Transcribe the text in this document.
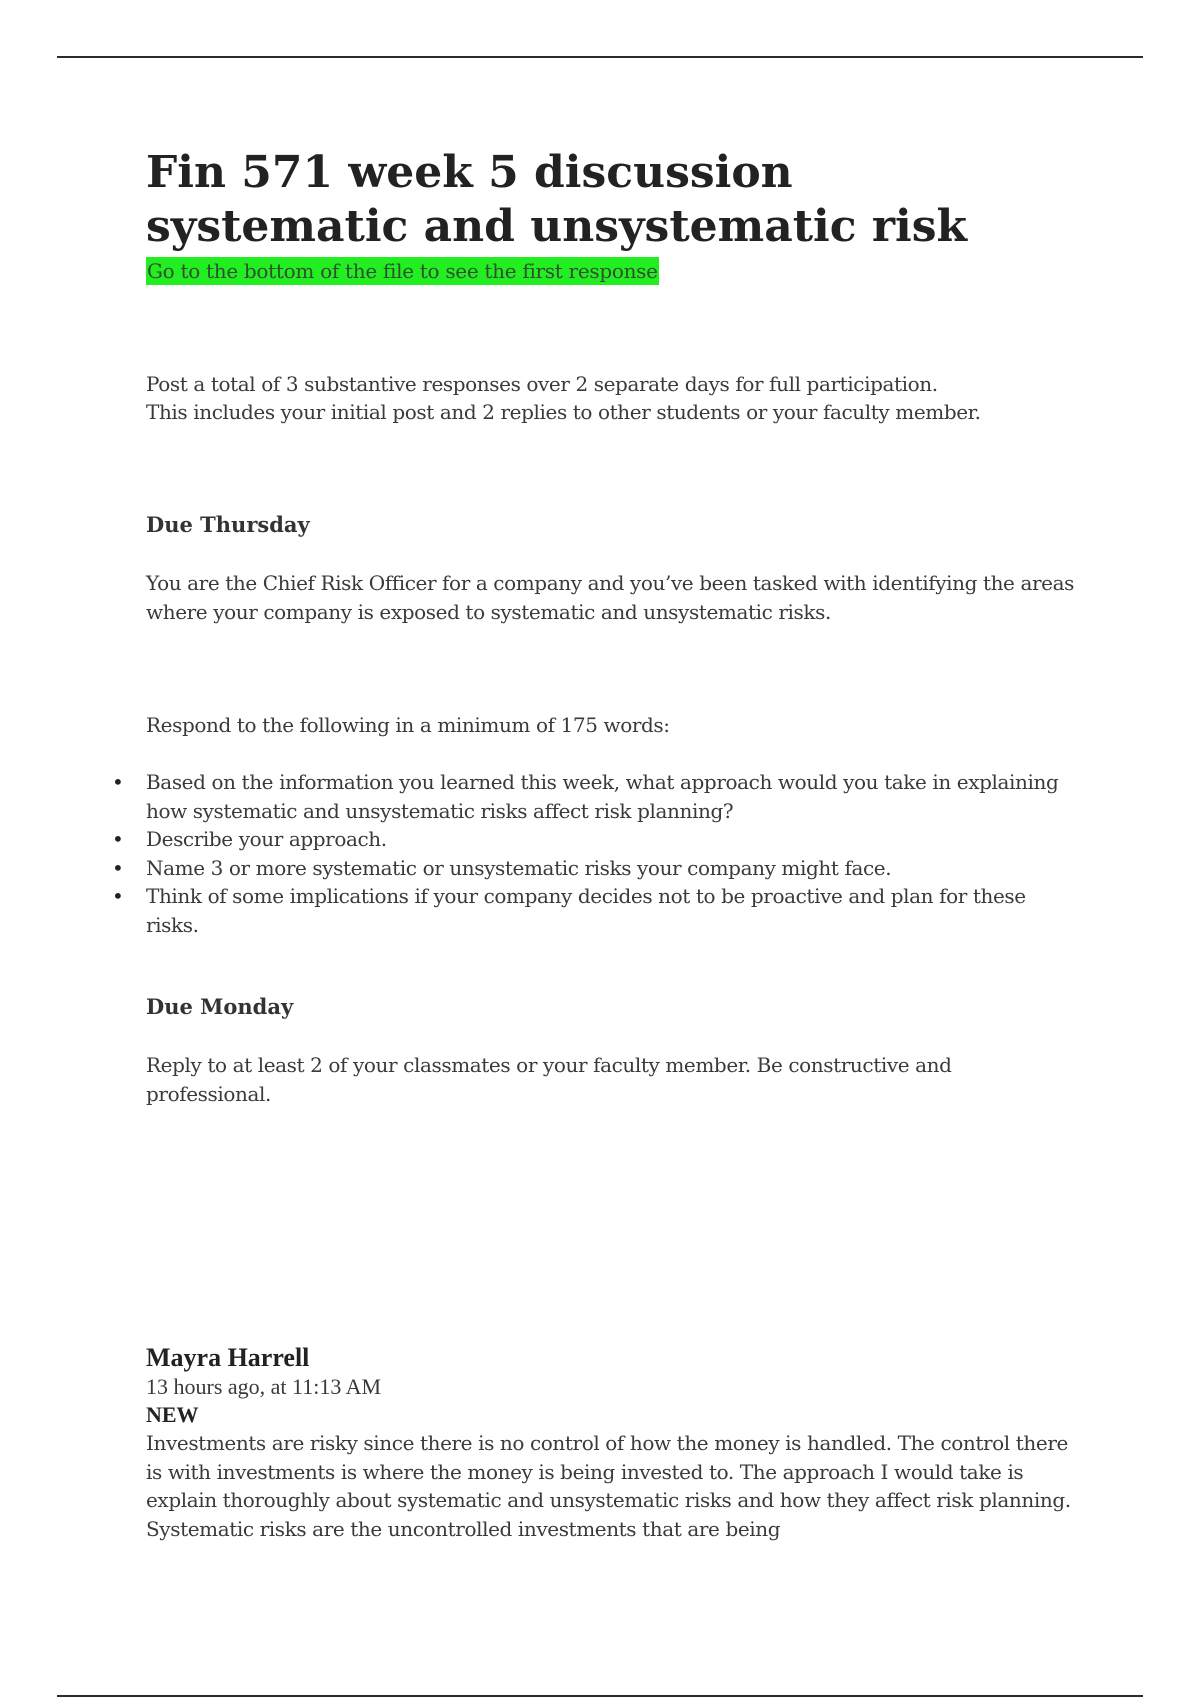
Fin 571 week 5 discussion systematic and unsystematic risk

Go to the bottom of the file to see the first response

Post a total of 3 substantive responses over 2 separate days for full participation.

This includes your initial post and 2 replies to other students or your faculty member.

Due Thursday

You are the Chief Risk Officer for a company and you’ve been tasked with identifying the areas where your company is exposed to systematic and unsystematic risks.

Respond to the following in a minimum of 175 words:

• Based on the information you learned this week, what approach would you take in explaining how systematic and unsystematic risks affect risk planning?
• Describe your approach.
• Name 3 or more systematic or unsystematic risks your company might face.
• Think of some implications if your company decides not to be proactive and plan for these risks.
Due Monday

Reply to at least 2 of your classmates or your faculty member. Be constructive and professional.

Mayra Harrell

13 hours ago, at 11:13 AM

NEW

Investments are risky since there is no control of how the money is handled. The control there is with investments is where the money is being invested to. The approach I would take is explain thoroughly about systematic and unsystematic risks and how they affect risk planning. Systematic risks are the uncontrolled investments that are being
